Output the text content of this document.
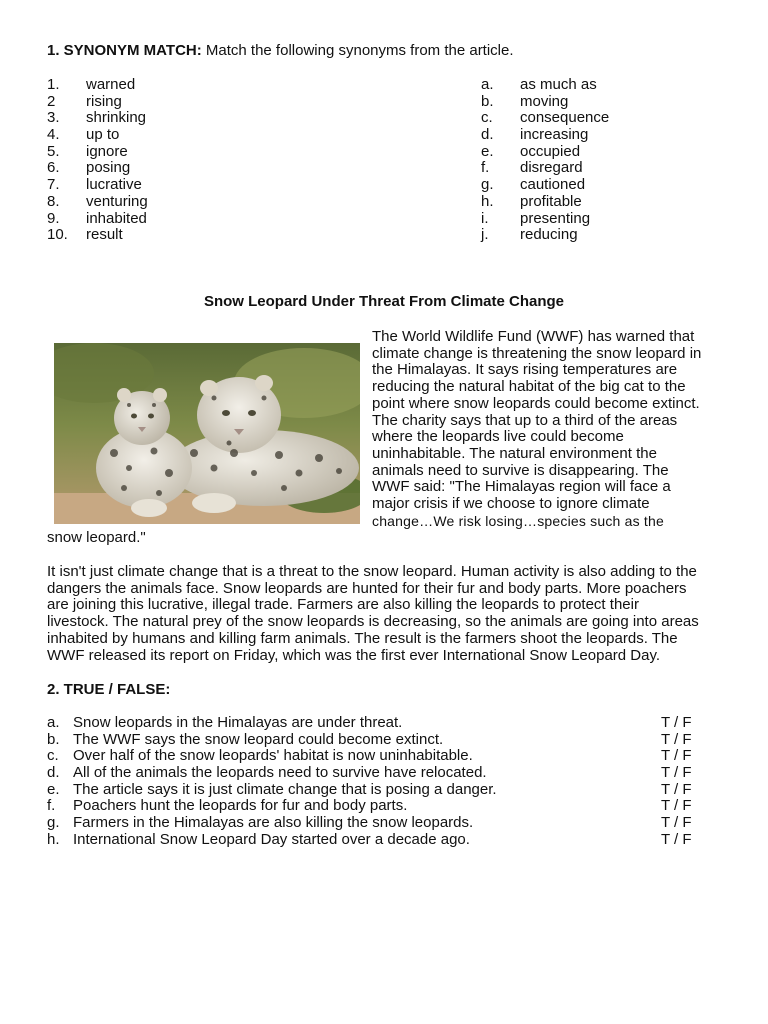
1. SYNONYM MATCH: Match the following synonyms from the article.
1.	warned
2	rising
3.	shrinking
4.	up to
5.	ignore
6.	posing
7.	lucrative
8.	venturing
9.	inhabited
10.	result
a.	as much as
b.	moving
c.	consequence
d.	increasing
e.	occupied
f.	disregard
g.	cautioned
h.	profitable
i.	presenting
j.	reducing
Snow Leopard Under Threat From Climate Change
The World Wildlife Fund (WWF) has warned that
climate change is threatening the snow leopard in
the Himalayas. It says rising temperatures are
reducing the natural habitat of the big cat to the
point where snow leopards could become extinct.
The charity says that up to a third of the areas
where the leopards live could become
uninhabitable. The natural environment the
animals need to survive is disappearing. The
WWF said: "The Himalayas region will face a
major crisis if we choose to ignore climate
change…We risk losing…species such as the
snow leopard."
It isn't just climate change that is a threat to the snow leopard. Human activity is also adding to the
dangers the animals face. Snow leopards are hunted for their fur and body parts. More poachers
are joining this lucrative, illegal trade. Farmers are also killing the leopards to protect their
livestock. The natural prey of the snow leopards is decreasing, so the animals are going into areas
inhabited by humans and killing farm animals. The result is the farmers shoot the leopards. The
WWF released its report on Friday, which was the first ever International Snow Leopard Day.
2. TRUE / FALSE:
a. Snow leopards in the Himalayas are under threat.	T / F
b. The WWF says the snow leopard could become extinct.	T / F
c. Over half of the snow leopards' habitat is now uninhabitable.	T / F
d. All of the animals the leopards need to survive have relocated.	T / F
e. The article says it is just climate change that is posing a danger.	T / F
f.	Poachers hunt the leopards for fur and body parts.	T / F
g. Farmers in the Himalayas are also killing the snow leopards.	T / F
h. International Snow Leopard Day started over a decade ago.	T / F
